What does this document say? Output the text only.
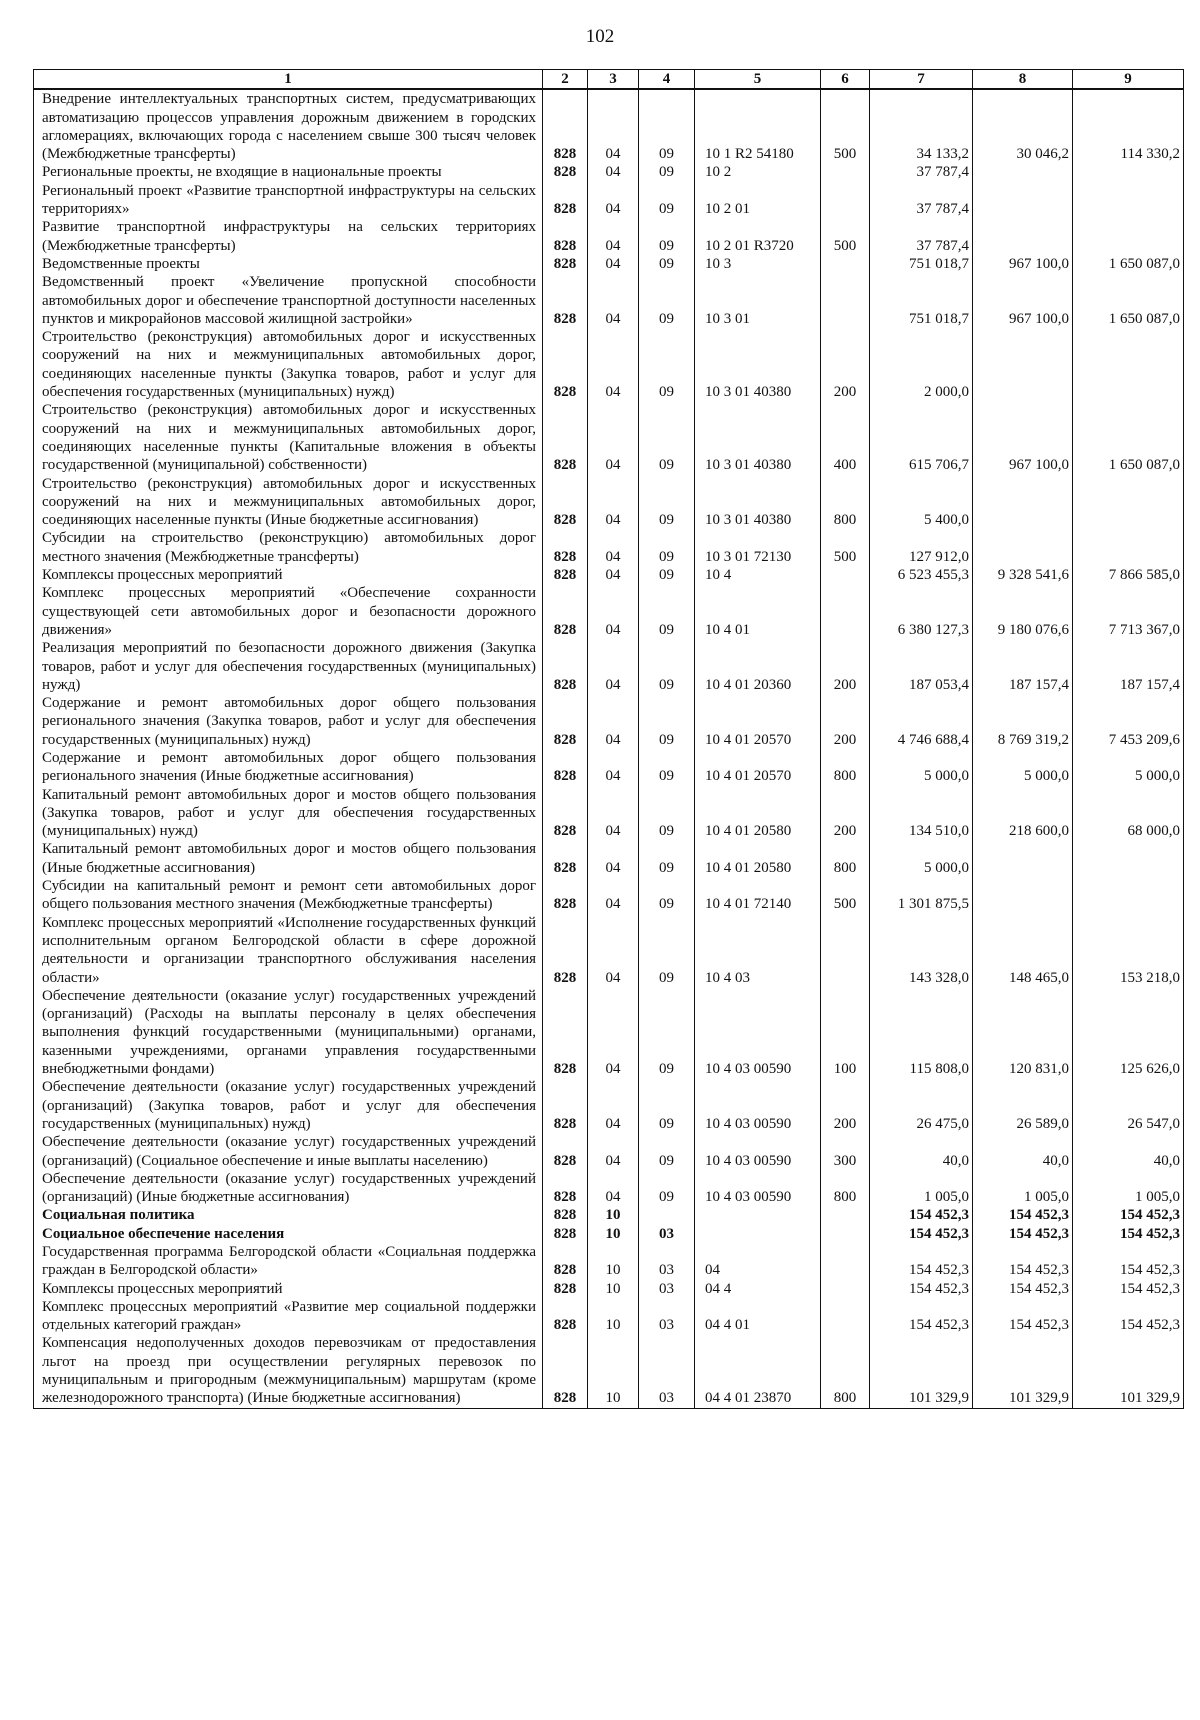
102
1	2	3	4	5	6	7	8	9
Внедрение интеллектуальных транспортных систем, предусматривающих автоматизацию процессов управления дорожным движением в городских агломерациях, включающих города с населением свыше 300 тысяч человек (Межбюджетные трансферты)	828	04	09	10 1 R2 54180	500	34 133,2	30 046,2	114 330,2
Региональные проекты, не входящие в национальные проекты	828	04	09	10 2		37 787,4		
Региональный проект «Развитие транспортной инфраструктуры на сельских территориях»	828	04	09	10 2 01		37 787,4		
Развитие транспортной инфраструктуры на сельских территориях (Межбюджетные трансферты)	828	04	09	10 2 01 R3720	500	37 787,4		
Ведомственные проекты	828	04	09	10 3		751 018,7	967 100,0	1 650 087,0
Ведомственный проект «Увеличение пропускной способности автомобильных дорог и обеспечение транспортной доступности населенных пунктов и микрорайонов массовой жилищной застройки»	828	04	09	10 3 01		751 018,7	967 100,0	1 650 087,0
Строительство (реконструкция) автомобильных дорог и искусственных сооружений на них и межмуниципальных автомобильных дорог, соединяющих населенные пункты (Закупка товаров, работ и услуг для обеспечения государственных (муниципальных) нужд)	828	04	09	10 3 01 40380	200	2 000,0		
Строительство (реконструкция) автомобильных дорог и искусственных сооружений на них и межмуниципальных автомобильных дорог, соединяющих населенные пункты (Капитальные вложения в объекты государственной (муниципальной) собственности)	828	04	09	10 3 01 40380	400	615 706,7	967 100,0	1 650 087,0
Строительство (реконструкция) автомобильных дорог и искусственных сооружений на них и межмуниципальных автомобильных дорог, соединяющих населенные пункты (Иные бюджетные ассигнования)	828	04	09	10 3 01 40380	800	5 400,0		
Субсидии на строительство (реконструкцию) автомобильных дорог местного значения (Межбюджетные трансферты)	828	04	09	10 3 01 72130	500	127 912,0		
Комплексы процессных мероприятий	828	04	09	10 4		6 523 455,3	9 328 541,6	7 866 585,0
Комплекс процессных мероприятий «Обеспечение сохранности существующей сети автомобильных дорог и безопасности дорожного движения»	828	04	09	10 4 01		6 380 127,3	9 180 076,6	7 713 367,0
Реализация мероприятий по безопасности дорожного движения (Закупка товаров, работ и услуг для обеспечения государственных (муниципальных) нужд)	828	04	09	10 4 01 20360	200	187 053,4	187 157,4	187 157,4
Содержание и ремонт автомобильных дорог общего пользования регионального значения (Закупка товаров, работ и услуг для обеспечения государственных (муниципальных) нужд)	828	04	09	10 4 01 20570	200	4 746 688,4	8 769 319,2	7 453 209,6
Содержание и ремонт автомобильных дорог общего пользования регионального значения (Иные бюджетные ассигнования)	828	04	09	10 4 01 20570	800	5 000,0	5 000,0	5 000,0
Капитальный ремонт автомобильных дорог и мостов общего пользования (Закупка товаров, работ и услуг для обеспечения государственных (муниципальных) нужд)	828	04	09	10 4 01 20580	200	134 510,0	218 600,0	68 000,0
Капитальный ремонт автомобильных дорог и мостов общего пользования (Иные бюджетные ассигнования)	828	04	09	10 4 01 20580	800	5 000,0		
Субсидии на капитальный ремонт и ремонт сети автомобильных дорог общего пользования местного значения (Межбюджетные трансферты)	828	04	09	10 4 01 72140	500	1 301 875,5		
Комплекс процессных мероприятий «Исполнение государственных функций исполнительным органом Белгородской области в сфере дорожной деятельности и организации транспортного обслуживания населения области»	828	04	09	10 4 03		143 328,0	148 465,0	153 218,0
Обеспечение деятельности (оказание услуг) государственных учреждений (организаций) (Расходы на выплаты персоналу в целях обеспечения выполнения функций государственными (муниципальными) органами, казенными учреждениями, органами управления государственными внебюджетными фондами)	828	04	09	10 4 03 00590	100	115 808,0	120 831,0	125 626,0
Обеспечение деятельности (оказание услуг) государственных учреждений (организаций) (Закупка товаров, работ и услуг для обеспечения государственных (муниципальных) нужд)	828	04	09	10 4 03 00590	200	26 475,0	26 589,0	26 547,0
Обеспечение деятельности (оказание услуг) государственных учреждений (организаций) (Социальное обеспечение и иные выплаты населению)	828	04	09	10 4 03 00590	300	40,0	40,0	40,0
Обеспечение деятельности (оказание услуг) государственных учреждений (организаций) (Иные бюджетные ассигнования)	828	04	09	10 4 03 00590	800	1 005,0	1 005,0	1 005,0
Социальная политика	828	10				154 452,3	154 452,3	154 452,3
Социальное обеспечение населения	828	10	03			154 452,3	154 452,3	154 452,3
Государственная программа Белгородской области «Социальная поддержка граждан в Белгородской области»	828	10	03	04		154 452,3	154 452,3	154 452,3
Комплексы процессных мероприятий	828	10	03	04 4		154 452,3	154 452,3	154 452,3
Комплекс процессных мероприятий «Развитие мер социальной поддержки отдельных категорий граждан»	828	10	03	04 4 01		154 452,3	154 452,3	154 452,3
Компенсация недополученных доходов перевозчикам от предоставления льгот на проезд при осуществлении регулярных перевозок по муниципальным и пригородным (межмуниципальным) маршрутам (кроме железнодорожного транспорта) (Иные бюджетные ассигнования)	828	10	03	04 4 01 23870	800	101 329,9	101 329,9	101 329,9
